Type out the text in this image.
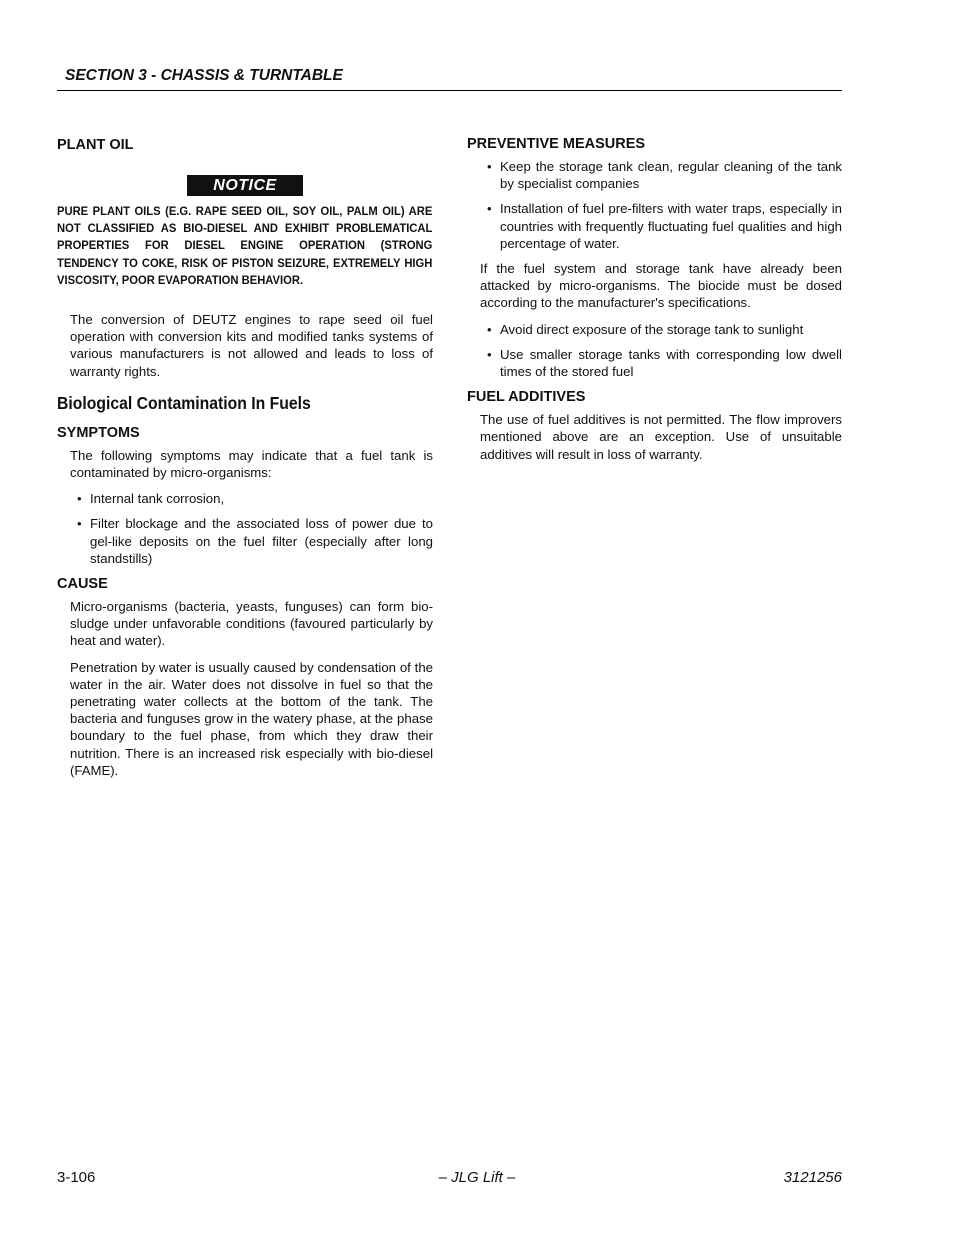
SECTION 3 - CHASSIS & TURNTABLE
PLANT OIL
NOTICE
PURE PLANT OILS (E.G. RAPE SEED OIL, SOY OIL, PALM OIL) ARE NOT CLASSIFIED AS BIO-DIESEL AND EXHIBIT PROBLEMATICAL PROPERTIES FOR DIESEL ENGINE OPERATION (STRONG TENDENCY TO COKE, RISK OF PISTON SEIZURE, EXTREMELY HIGH VISCOSITY, POOR EVAPORATION BEHAVIOR.

The conversion of DEUTZ engines to rape seed oil fuel operation with conversion kits and modified tanks systems of various manufacturers is not allowed and leads to loss of warranty rights.

Biological Contamination In Fuels
SYMPTOMS

The following symptoms may indicate that a fuel tank is contaminated by micro-organisms:

• Internal tank corrosion,
• Filter blockage and the associated loss of power due to gel-like deposits on the fuel filter (especially after long standstills)
CAUSE

Micro-organisms (bacteria, yeasts, funguses) can form bio-sludge under unfavorable conditions (favoured particularly by heat and water).

Penetration by water is usually caused by condensation of the water in the air. Water does not dissolve in fuel so that the penetrating water collects at the bottom of the tank. The bacteria and funguses grow in the watery phase, at the phase boundary to the fuel phase, from which they draw their nutrition. There is an increased risk especially with bio-diesel (FAME).

PREVENTIVE MEASURES
• Keep the storage tank clean, regular cleaning of the tank by specialist companies
• Installation of fuel pre-filters with water traps, especially in countries with frequently fluctuating fuel qualities and high percentage of water.

If the fuel system and storage tank have already been attacked by micro-organisms. The biocide must be dosed according to the manufacturer's specifications.

• Avoid direct exposure of the storage tank to sunlight
• Use smaller storage tanks with corresponding low dwell times of the stored fuel
FUEL ADDITIVES

The use of fuel additives is not permitted. The flow improvers mentioned above are an exception. Use of unsuitable additives will result in loss of warranty.

– JLG Lift –
3-106	3121256
